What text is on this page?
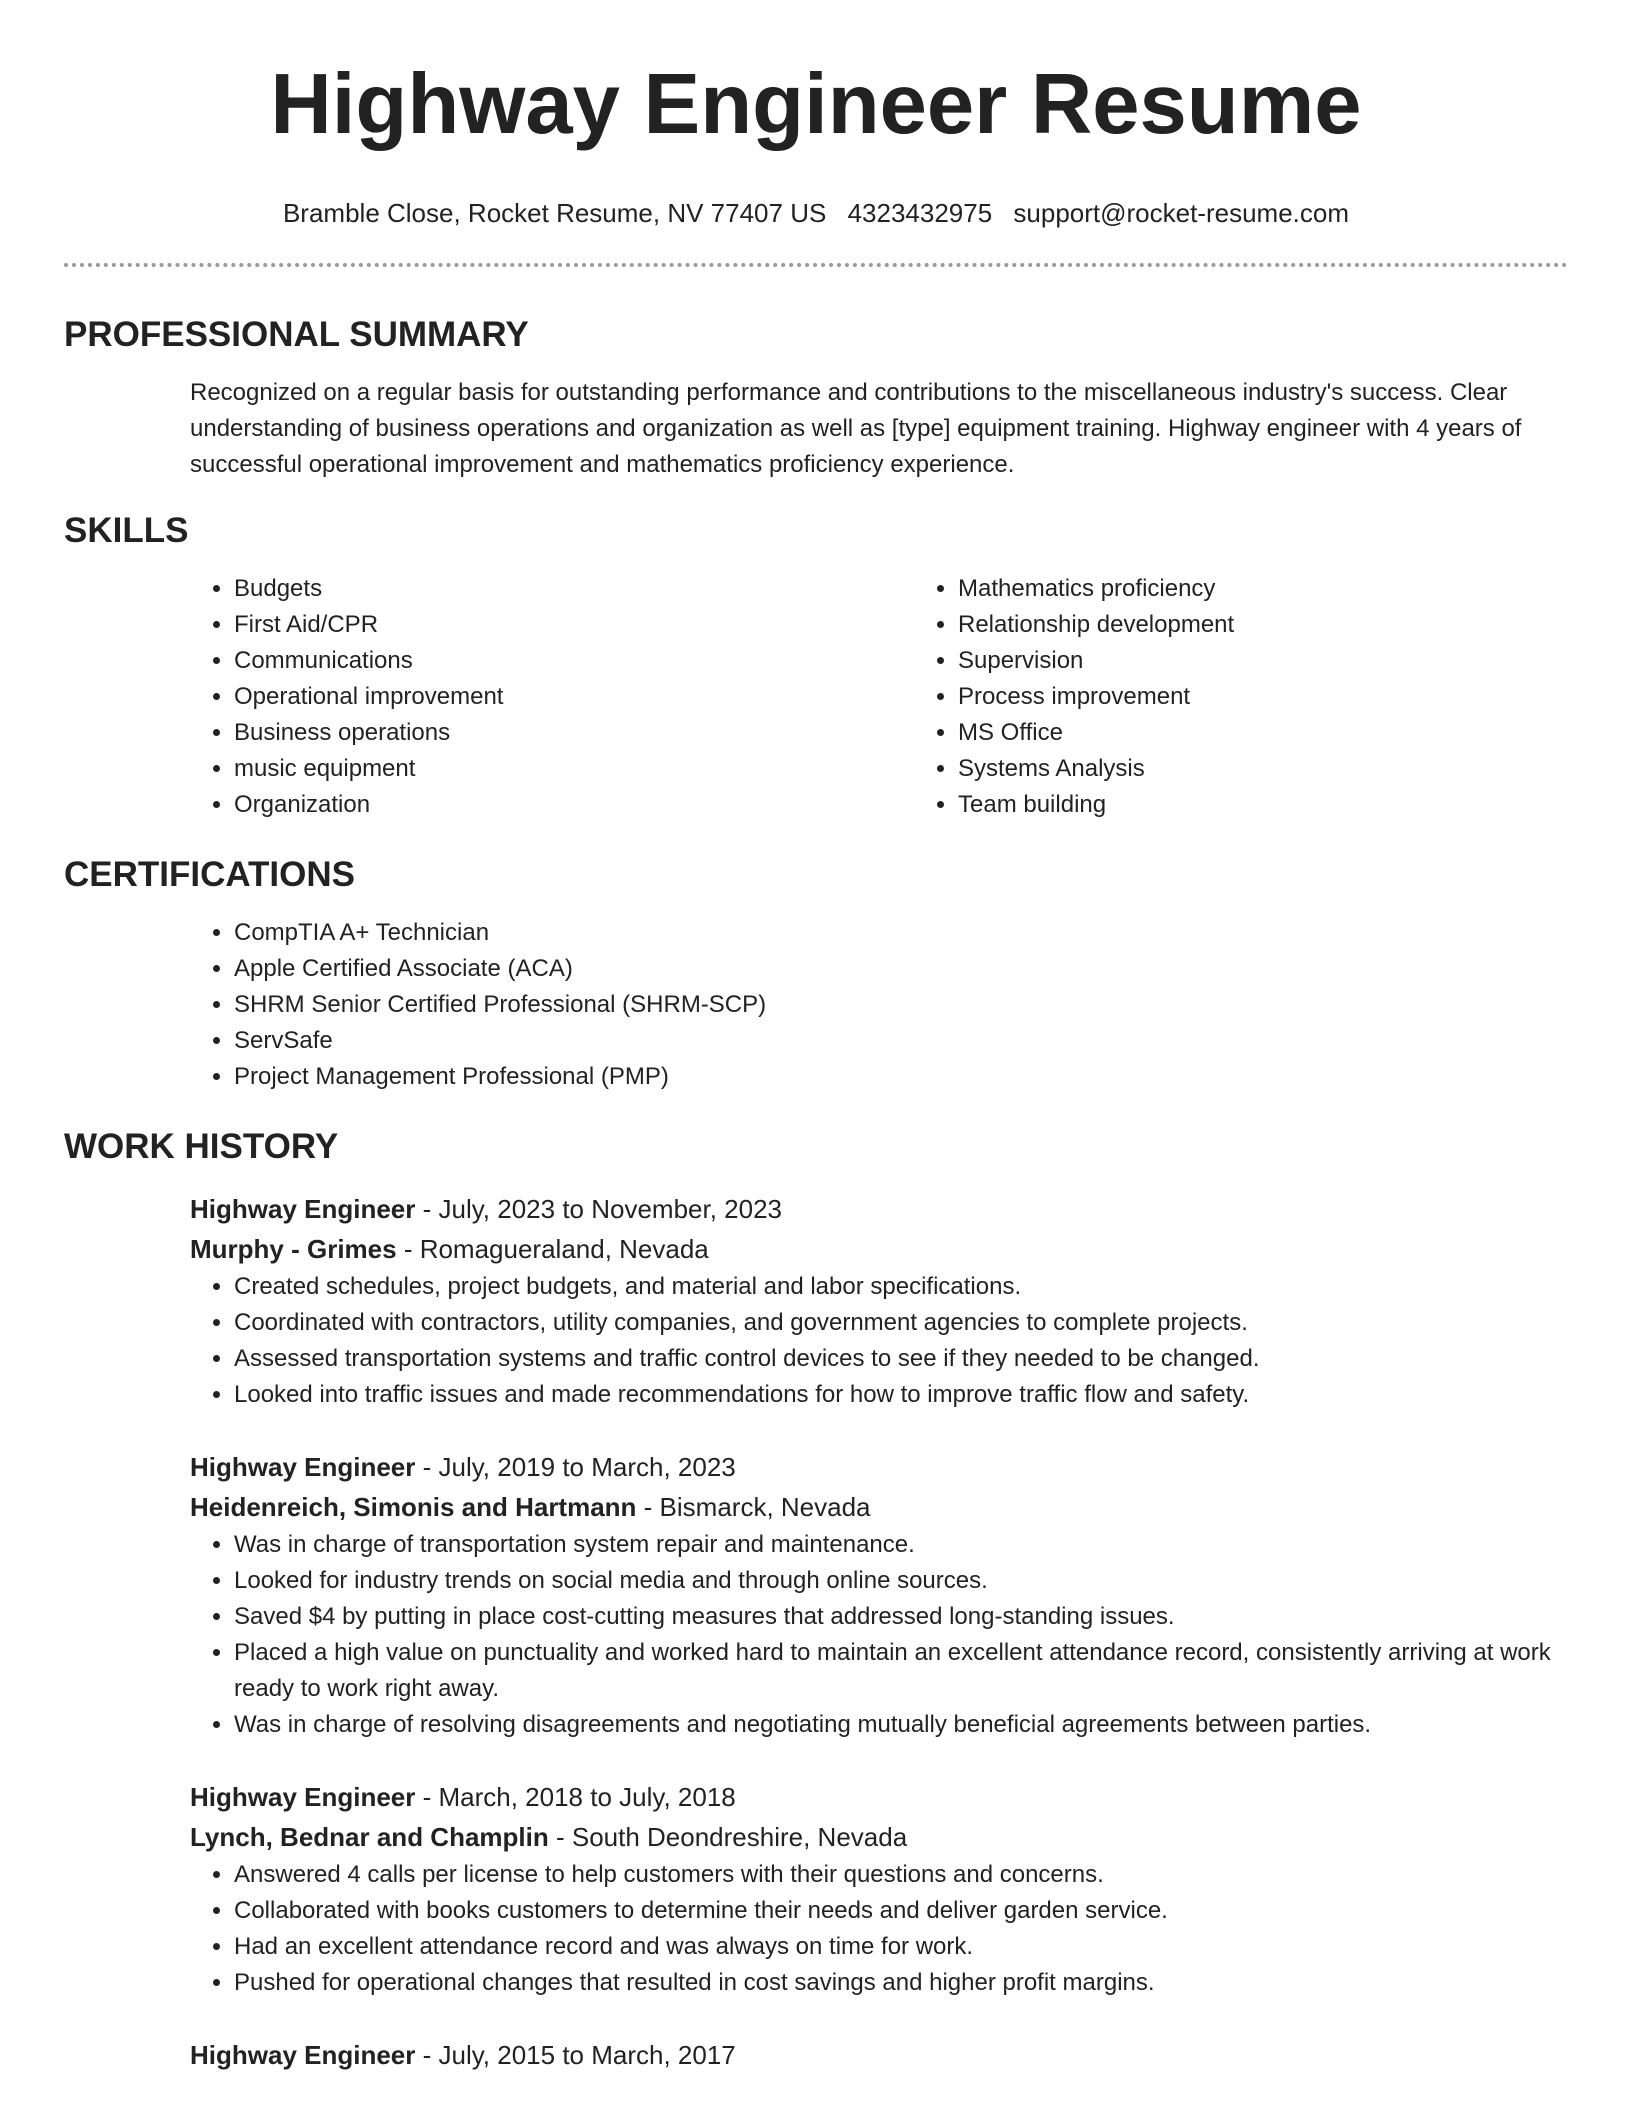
Highway Engineer Resume
Bramble Close, Rocket Resume, NV 77407 US 4323432975 support@rocket-resume.com
PROFESSIONAL SUMMARY
Recognized on a regular basis for outstanding performance and contributions to the miscellaneous industry's success. Clear understanding of business operations and organization as well as [type] equipment training. Highway engineer with 4 years of successful operational improvement and mathematics proficiency experience.
SKILLS
• Budgets
• First Aid/CPR
• Communications
• Operational improvement
• Business operations
• music equipment
• Organization
• Mathematics proficiency
• Relationship development
• Supervision
• Process improvement
• MS Office
• Systems Analysis
• Team building
CERTIFICATIONS
• CompTIA A+ Technician
• Apple Certified Associate (ACA)
• SHRM Senior Certified Professional (SHRM-SCP)
• ServSafe
• Project Management Professional (PMP)
WORK HISTORY
Highway Engineer - July, 2023 to November, 2023
Murphy - Grimes - Romagueraland, Nevada
• Created schedules, project budgets, and material and labor specifications.
• Coordinated with contractors, utility companies, and government agencies to complete projects.
• Assessed transportation systems and traffic control devices to see if they needed to be changed.
• Looked into traffic issues and made recommendations for how to improve traffic flow and safety.
Highway Engineer - July, 2019 to March, 2023
Heidenreich, Simonis and Hartmann - Bismarck, Nevada
• Was in charge of transportation system repair and maintenance.
• Looked for industry trends on social media and through online sources.
• Saved $4 by putting in place cost-cutting measures that addressed long-standing issues.
• Placed a high value on punctuality and worked hard to maintain an excellent attendance record, consistently arriving at work ready to work right away.
• Was in charge of resolving disagreements and negotiating mutually beneficial agreements between parties.
Highway Engineer - March, 2018 to July, 2018
Lynch, Bednar and Champlin - South Deondreshire, Nevada
• Answered 4 calls per license to help customers with their questions and concerns.
• Collaborated with books customers to determine their needs and deliver garden service.
• Had an excellent attendance record and was always on time for work.
• Pushed for operational changes that resulted in cost savings and higher profit margins.
Highway Engineer - July, 2015 to March, 2017
